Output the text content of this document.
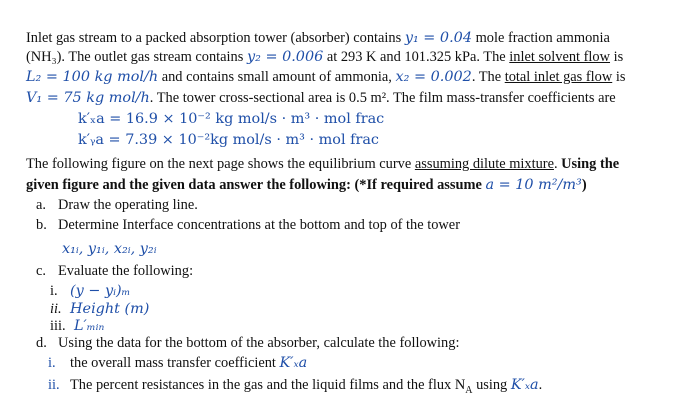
Inlet gas stream to a packed absorption tower (absorber) contains y₁ = 0.04 mole fraction ammonia
(NH₃). The outlet gas stream contains y₂ = 0.006 at 293 K and 101.325 kPa. The inlet solvent flow is
L₂ = 100 kg mol/h and contains small amount of ammonia, x₂ = 0.002. The total inlet gas flow is
V₁ = 75 kg mol/h. The tower cross-sectional area is 0.5 m². The film mass-transfer coefficients are
k′ₓa = 16.9 × 10⁻² kg mol/s · m³ · mol frac
k′ᵧa = 7.39 × 10⁻²kg mol/s · m³ · mol frac
The following figure on the next page shows the equilibrium curve assuming dilute mixture. Using the
given figure and the given data answer the following: (*If required assume a = 10 m²/m³)
a. Draw the operating line.
b. Determine Interface concentrations at the bottom and top of the tower
x₁ᵢ, y₁ᵢ, x₂ᵢ, y₂ᵢ
c. Evaluate the following:
i. (y − yᵢ)ₘ
ii. Height (m)
iii. L′ₘᵢₙ
d. Using the data for the bottom of the absorber, calculate the following:
i. the overall mass transfer coefficient K′ₓa
ii. The percent resistances in the gas and the liquid films and the flux $N_A$ using K′ₓa.
